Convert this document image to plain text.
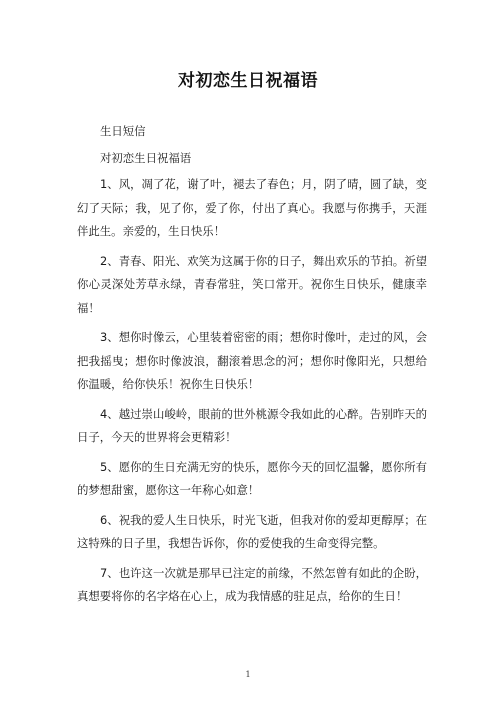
对初恋生日祝福语

生日短信

对初恋生日祝福语

1、风，凋了花，谢了叶，褪去了春色；月，阴了晴，圆了缺，变幻了天际；我，见了你，爱了你，付出了真心。我愿与你携手，天涯伴此生。亲爱的，生日快乐！

2、青春、阳光、欢笑为这属于你的日子，舞出欢乐的节拍。祈望你心灵深处芳草永绿，青春常驻，笑口常开。祝你生日快乐，健康幸福！

3、想你时像云，心里装着密密的雨；想你时像叶，走过的风，会把我摇曳；想你时像波浪，翻滚着思念的河；想你时像阳光，只想给你温暖，给你快乐！祝你生日快乐！

4、越过崇山峻岭，眼前的世外桃源令我如此的心醉。告别昨天的日子，今天的世界将会更精彩！

5、愿你的生日充满无穷的快乐，愿你今天的回忆温馨，愿你所有的梦想甜蜜，愿你这一年称心如意！

6、祝我的爱人生日快乐，时光飞逝，但我对你的爱却更醇厚；在这特殊的日子里，我想告诉你，你的爱使我的生命变得完整。

7、也许这一次就是那早已注定的前缘，不然怎曾有如此的企盼，真想要将你的名字烙在心上，成为我情感的驻足点，给你的生日！

1
